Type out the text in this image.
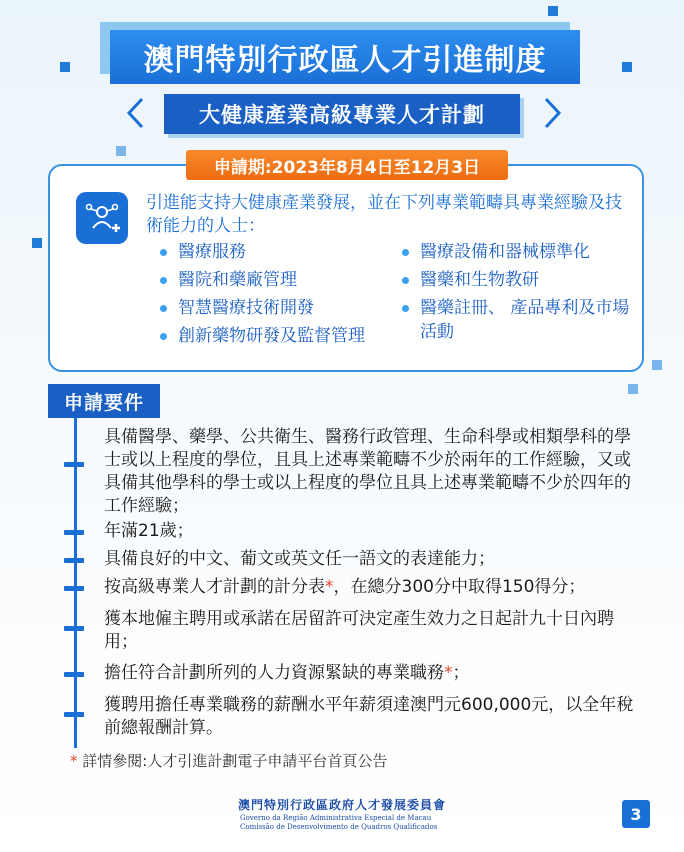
澳門特別行政區人才引進制度
大健康產業高級專業人才計劃
申請期:2023年8月4日至12月3日
引進能支持大健康產業發展，並在下列專業範疇具專業經驗及技術能力的人士：
醫療服務
醫院和藥廠管理
智慧醫療技術開發
創新藥物研發及監督管理
醫療設備和器械標準化
醫藥和生物教研
醫藥註冊、 產品專利及市場活動
申請要件
具備醫學、藥學、公共衛生、醫務行政管理、生命科學或相類學科的學士或以上程度的學位，且具上述專業範疇不少於兩年的工作經驗，又或具備其他學科的學士或以上程度的學位且具上述專業範疇不少於四年的工作經驗；
年滿21歲；
具備良好的中文、葡文或英文任一語文的表達能力；
按高級專業人才計劃的計分表*，在總分300分中取得150得分；
獲本地僱主聘用或承諾在居留許可決定產生效力之日起計九十日內聘用；
擔任符合計劃所列的人力資源緊缺的專業職務*；
獲聘用擔任專業職務的薪酬水平年薪須達澳門元600,000元，以全年稅前總報酬計算。
* 詳情參閱:人才引進計劃電子申請平台首頁公告
澳門特別行政區政府人才發展委員會
Governo da Região Administrativa Especial de Macau
Comissão de Desenvolvimento de Quadros Qualificados
3
